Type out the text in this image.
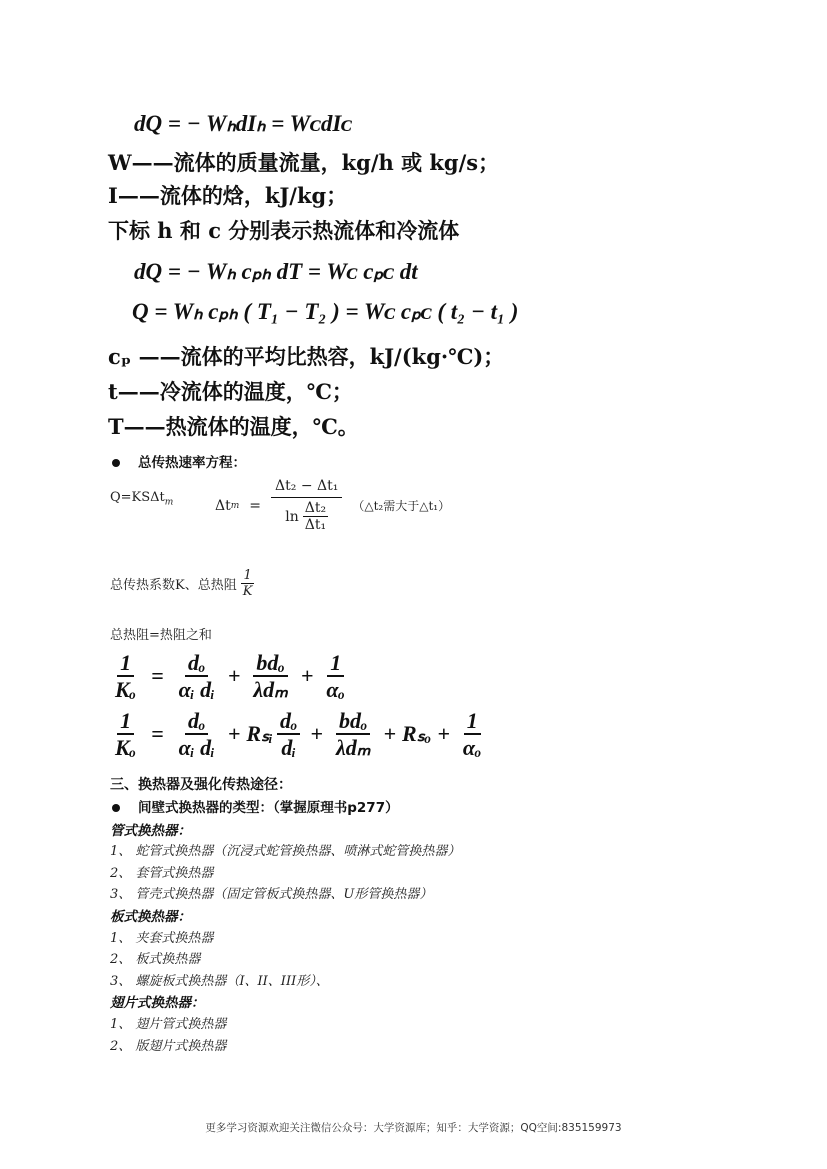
dQ = − WₕdIₕ = WᴄdIᴄ
W——流体的质量流量，kg/h 或 kg/s；
I——流体的焓，kJ/kg；
下标 h 和 c 分别表示热流体和冷流体
dQ = − Wₕ cₚₕ dT = Wᴄ cₚᴄ dt
Q = Wₕ cₚₕ ( T₁ − T₂ ) = Wᴄ cₚᴄ ( t₂ − t₁ )
cₚ ——流体的平均比热容，kJ/(kg·℃)；
t——冷流体的温度，℃；
T——热流体的温度，℃。
总传热速率方程：
Q=KSΔt$_m$	Δt $m = \frac{\text{Δt₂ − Δt₁}}{\ln \frac{\text{Δt₂}}{\text{Δt₁}}}$ （△t₂需大于△t₁）
总传热系数K、总热阻 $\frac{1}{K}$
总热阻=热阻之和
$\frac{1}{\text{Kₒ}} = \frac{\text{dₒ}}{\text{αᵢ dᵢ}} + \frac{\text{bdₒ}}{\text{λdₘ}} + \frac{1}{\text{αₒ}}$
$\frac{1}{\text{Kₒ}} = \frac{\text{dₒ}}{\text{αᵢ dᵢ}}$ + Rₛᵢ $\frac{\text{dₒ}}{\text{dᵢ}} + \frac{\text{bdₒ}}{\text{λdₘ}} + R_{so} + \frac{1}{\text{αₒ}}$
三、换热器及强化传热途径：
间壁式换热器的类型：（掌握原理书p277）
管式换热器：
1、 蛇管式换热器（沉浸式蛇管换热器、喷淋式蛇管换热器）
2、 套管式换热器
3、 管壳式换热器（固定管板式换热器、U形管换热器）
板式换热器：
1、 夹套式换热器
2、 板式换热器
3、 螺旋板式换热器（I、II、III形）、
翅片式换热器：
1、 翅片管式换热器
2、 版翅片式换热器
更多学习资源欢迎关注微信公众号：大学资源库；知乎：大学资源；QQ空间:835159973
